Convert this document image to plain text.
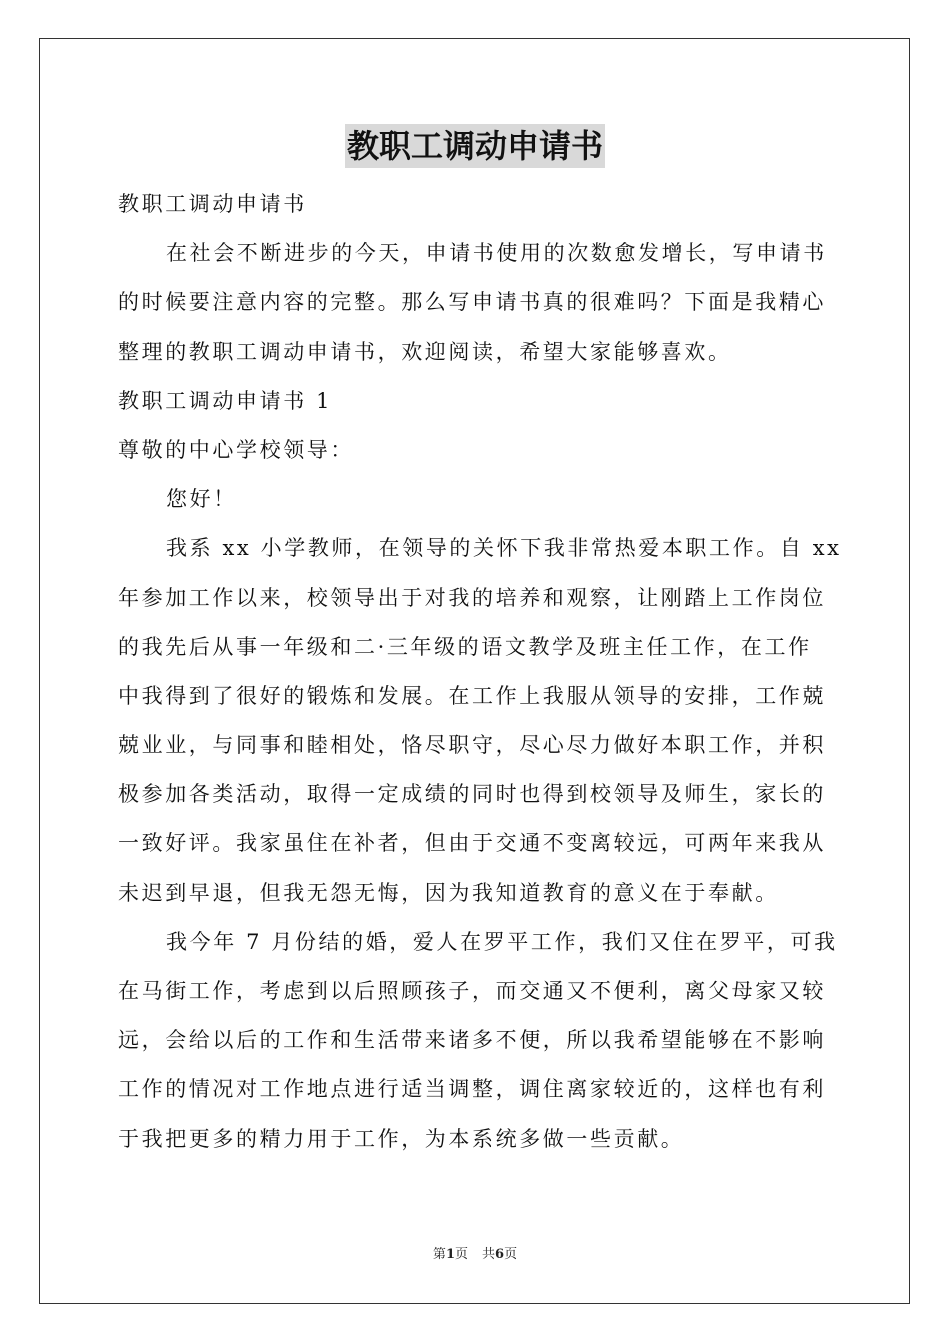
教职工调动申请书
教职工调动申请书
在社会不断进步的今天，申请书使用的次数愈发增长，写申请书
的时候要注意内容的完整。那么写申请书真的很难吗？下面是我精心
整理的教职工调动申请书，欢迎阅读，希望大家能够喜欢。
教职工调动申请书 1
尊敬的中心学校领导：
您好！
我系 xx 小学教师，在领导的关怀下我非常热爱本职工作。自 xx
年参加工作以来，校领导出于对我的培养和观察，让刚踏上工作岗位
的我先后从事一年级和二·三年级的语文教学及班主任工作，在工作
中我得到了很好的锻炼和发展。在工作上我服从领导的安排，工作兢
兢业业，与同事和睦相处，恪尽职守，尽心尽力做好本职工作，并积
极参加各类活动，取得一定成绩的同时也得到校领导及师生，家长的
一致好评。我家虽住在补者，但由于交通不变离较远，可两年来我从
未迟到早退，但我无怨无悔，因为我知道教育的意义在于奉献。
我今年 7 月份结的婚，爱人在罗平工作，我们又住在罗平，可我
在马街工作，考虑到以后照顾孩子，而交通又不便利，离父母家又较
远，会给以后的工作和生活带来诸多不便，所以我希望能够在不影响
工作的情况对工作地点进行适当调整，调住离家较近的，这样也有利
于我把更多的精力用于工作，为本系统多做一些贡献。
第1页 共6页
